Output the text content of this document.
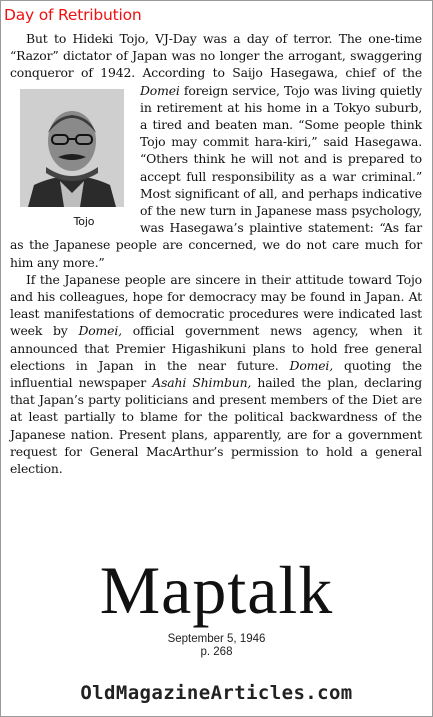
Day of Retribution

But to Hideki Tojo, VJ-Day was a day of terror. The one-time “Razor” dictator of Japan was no longer the arrogant, swaggering conqueror of 1942. According to Saijo Hasegawa, chief of the
Tojo
Domei foreign service, Tojo was living quietly in retirement at his home in a Tokyo suburb, a tired and beaten man. “Some people think Tojo may commit hara-kiri,” said Hasegawa. “Others think he will not and is prepared to accept full responsibility as a war criminal.” Most significant of all, and perhaps indicative of the new turn in Japanese mass psychology, was Hasegawa’s plaintive statement: “As far as the Japanese people are concerned, we do not care much for him any more.”

If the Japanese people are sincere in their attitude toward Tojo and his colleagues, hope for democracy may be found in Japan. At least manifestations of democratic procedures were indicated last week by Domei, official government news agency, when it announced that Premier Higashikuni plans to hold free general elections in Japan in the near future. Domei, quoting the influential newspaper Asahi Shimbun, hailed the plan, declaring that Japan’s party politicians and present members of the Diet are at least partially to blame for the political backwardness of the Japanese nation. Present plans, apparently, are for a government request for General MacArthur’s permission to hold a general election.

Maptalk
September 5, 1946
p. 268
OldMagazineArticles.com
